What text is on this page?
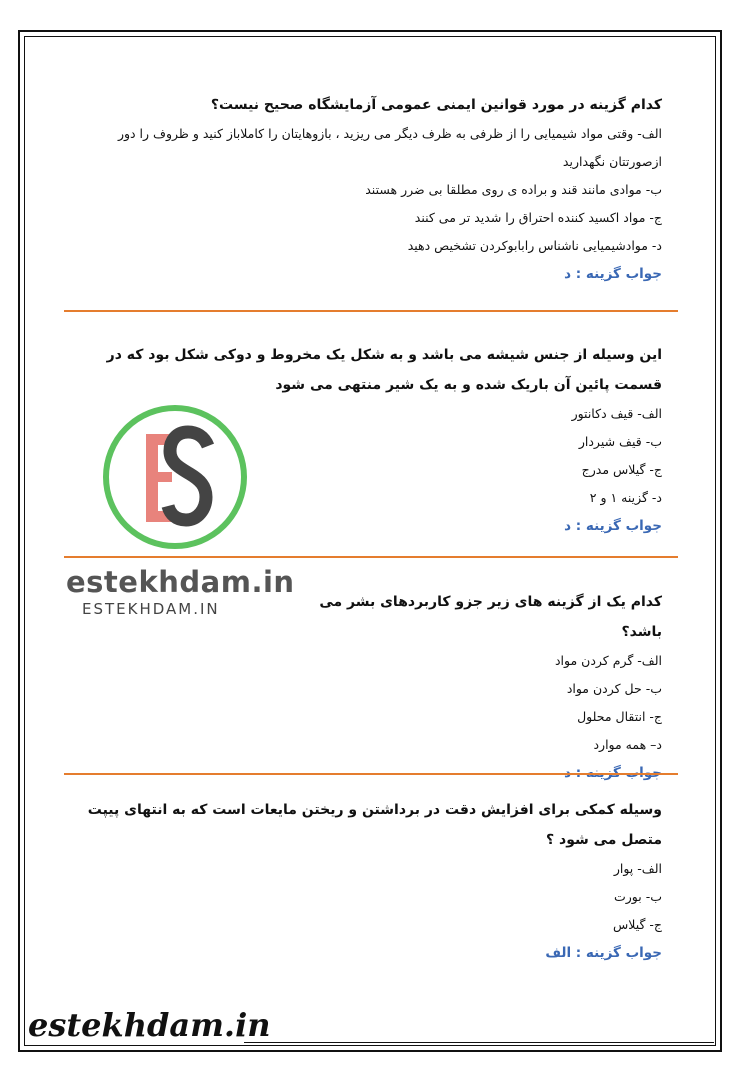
کدام گزینه در مورد قوانین ایمنی عمومی آزمایشگاه صحیح نیست؟
الف- وقتی مواد شیمیایی را از ظرفی به ظرف دیگر می ریزید ، بازوهایتان را کاملاباز کنید و ظروف را دور ازصورتتان نگهدارید
ب- موادی مانند قند و براده ی روی مطلقا بی ضرر هستند
ج- مواد اکسید کننده احتراق را شدید تر می کنند
د- موادشیمیایی ناشناس رابابوکردن تشخیص دهید
جواب گزینه : د
این وسیله از جنس شیشه می باشد و به شکل یک مخروط و دوکی شکل بود که در قسمت پائین آن باریک شده و به یک شیر منتهی می شود
الف- قیف دکانتور
ب- قیف شیردار
ج- گیلاس مدرج
د- گزینه ۱ و ۲
جواب گزینه : د
کدام یک از گزینه های زیر جزو کاربردهای بشر می باشد؟
الف- گرم کردن مواد
ب- حل کردن مواد
ج- انتقال محلول
د– همه موارد
جواب گزینه : د
وسیله کمکی برای افزایش دقت در برداشتن و ریختن مایعات است که به انتهای پیپت متصل می شود ؟
الف- پوار
ب- بورت
ج- گیلاس
جواب گزینه : الف
estekhdam.in
ESTEKHDAM.IN
estekhdam.in
